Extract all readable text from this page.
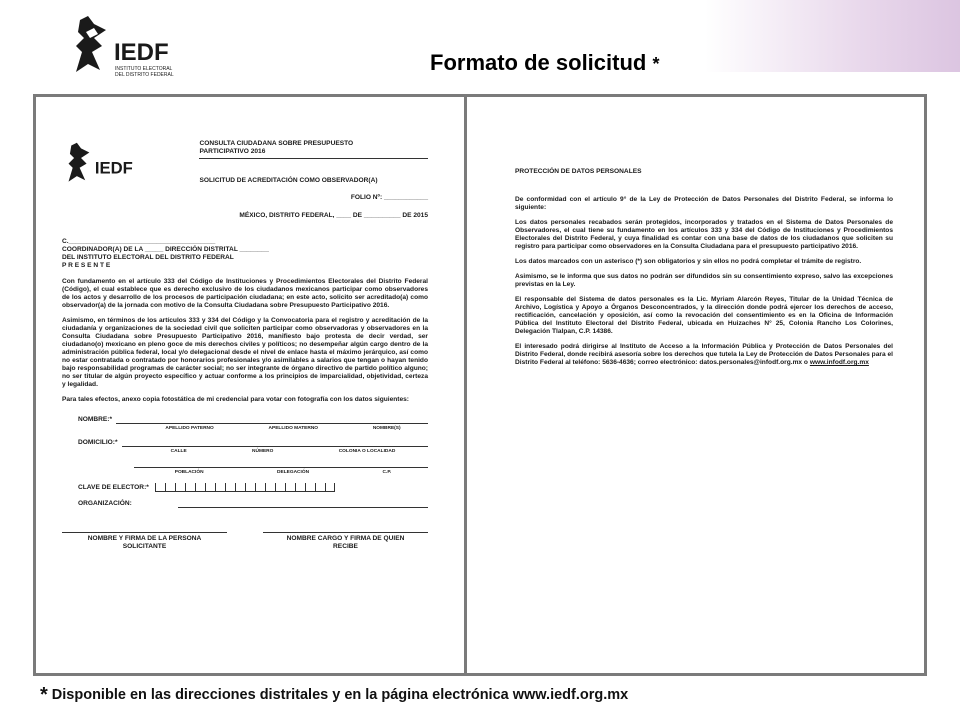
IEDF
INSTITUTO ELECTORAL
DEL DISTRITO FEDERAL	Formato de solicitud *
IEDF
CONSULTA CIUDADANA SOBRE PRESUPUESTO
PARTICIPATIVO 2016
SOLICITUD DE ACREDITACIÓN COMO OBSERVADOR(A)
FOLIO Nº: ____________
MÉXICO, DISTRITO FEDERAL, ____ DE __________ DE 2015
C.________________________________________
COORDINADOR(A) DE LA _____ DIRECCIÓN DISTRITAL ________
DEL INSTITUTO ELECTORAL DEL DISTRITO FEDERAL
P R E S E N T E

Con fundamento en el artículo 333 del Código de Instituciones y Procedimientos Electorales del Distrito Federal (Código), el cual establece que es derecho exclusivo de los ciudadanos mexicanos participar como observadores de los actos y desarrollo de los procesos de participación ciudadana; en este acto, solicito ser acreditado(a) como observador(a) de la jornada con motivo de la Consulta Ciudadana sobre Presupuesto Participativo 2016.

Asimismo, en términos de los artículos 333 y 334 del Código y la Convocatoria para el registro y acreditación de la ciudadanía y organizaciones de la sociedad civil que soliciten participar como observadoras y observadores en la Consulta Ciudadana sobre Presupuesto Participativo 2016, manifiesto bajo protesta de decir verdad, ser ciudadano(o) mexicano en pleno goce de mis derechos civiles y políticos; no desempeñar algún cargo dentro de la administración pública federal, local y/o delegacional desde el nivel de enlace hasta el máximo jerárquico, así como no estar contratada o contratado por honorarios profesionales y/o asimilables a salarios que tengan o hayan tenido bajo responsabilidad programas de carácter social; no ser integrante de órgano directivo de partido político alguno; no ser titular de algún proyecto específico y actuar conforme a los principios de imparcialidad, objetividad, certeza y legalidad.

Para tales efectos, anexo copia fotostática de mi credencial para votar con fotografía con los datos siguientes:

NOMBRE:*
APELLIDO PATERNO	APELLIDO MATERNO	NOMBRE(S)
DOMICILIO:*
CALLE	NÚMERO	COLONIA O LOCALIDAD
POBLACIÓN	DELEGACIÓN	C.P.
CLAVE DE ELECTOR:*
ORGANIZACIÓN:
NOMBRE Y FIRMA DE LA PERSONA
SOLICITANTE
NOMBRE CARGO Y FIRMA DE QUIEN
RECIBE
PROTECCIÓN DE DATOS PERSONALES

De conformidad con el artículo 9° de la Ley de Protección de Datos Personales del Distrito Federal, se informa lo siguiente:

Los datos personales recabados serán protegidos, incorporados y tratados en el Sistema de Datos Personales de Observadores, el cual tiene su fundamento en los artículos 333 y 334 del Código de Instituciones y Procedimientos Electorales del Distrito Federal, y cuya finalidad es contar con una base de datos de los ciudadanos que soliciten su registro para participar como observadores en la Consulta Ciudadana para el presupuesto participativo 2016.

Los datos marcados con un asterisco (*) son obligatorios y sin ellos no podrá completar el trámite de registro.

Asimismo, se le informa que sus datos no podrán ser difundidos sin su consentimiento expreso, salvo las excepciones previstas en la Ley.

El responsable del Sistema de datos personales es la Lic. Myriam Alarcón Reyes, Titular de la Unidad Técnica de Archivo, Logística y Apoyo a Órganos Desconcentrados, y la dirección donde podrá ejercer los derechos de acceso, rectificación, cancelación y oposición, así como la revocación del consentimiento es en la Oficina de Información Pública del Instituto Electoral del Distrito Federal, ubicada en Huizaches N° 25, Colonia Rancho Los Colorines, Delegación Tlalpan, C.P. 14386.

El interesado podrá dirigirse al Instituto de Acceso a la Información Pública y Protección de Datos Personales del Distrito Federal, donde recibirá asesoría sobre los derechos que tutela la Ley de Protección de Datos Personales para el Distrito Federal al teléfono: 5636-4636; correo electrónico: datos.personales@infodf.org.mx o www.infodf.org.mx

* Disponible en las direcciones distritales y en la página electrónica www.iedf.org.mx
